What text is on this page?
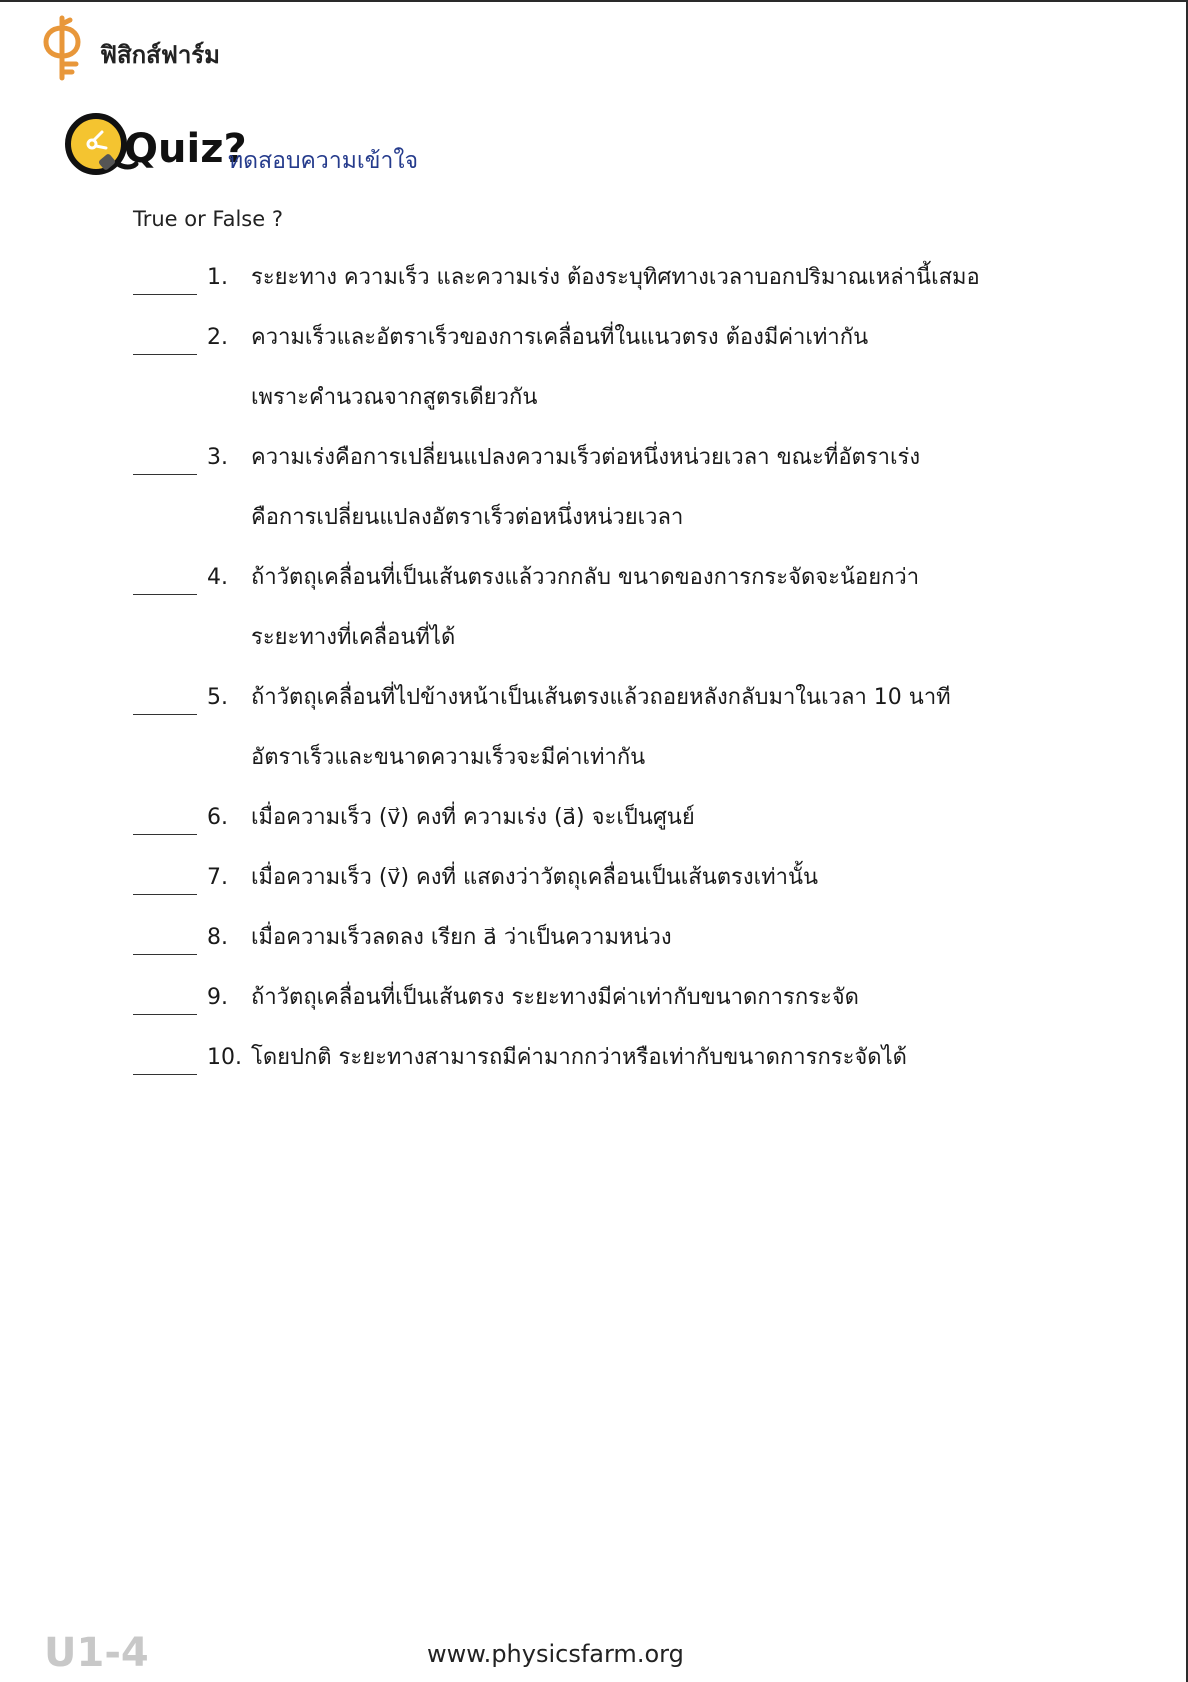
ฟิสิกส์ฟาร์ม
Quiz?
ทดสอบความเข้าใจ
True or False ?
1.	ระยะทาง ความเร็ว และความเร่ง ต้องระบุทิศทางเวลาบอกปริมาณเหล่านี้เสมอ
2.	ความเร็วและอัตราเร็วของการเคลื่อนที่ในแนวตรง ต้องมีค่าเท่ากัน
เพราะคำนวณจากสูตรเดียวกัน
3.	ความเร่งคือการเปลี่ยนแปลงความเร็วต่อหนึ่งหน่วยเวลา ขณะที่อัตราเร่ง
คือการเปลี่ยนแปลงอัตราเร็วต่อหนึ่งหน่วยเวลา
4.	ถ้าวัตถุเคลื่อนที่เป็นเส้นตรงแล้ววกกลับ ขนาดของการกระจัดจะน้อยกว่า
ระยะทางที่เคลื่อนที่ได้
5.	ถ้าวัตถุเคลื่อนที่ไปข้างหน้าเป็นเส้นตรงแล้วถอยหลังกลับมาในเวลา 10 นาที
อัตราเร็วและขนาดความเร็วจะมีค่าเท่ากัน
6.	เมื่อความเร็ว (v⃗) คงที่ ความเร่ง (a⃗) จะเป็นศูนย์
7.	เมื่อความเร็ว (v⃗) คงที่ แสดงว่าวัตถุเคลื่อนเป็นเส้นตรงเท่านั้น
8.	เมื่อความเร็วลดลง เรียก a⃗ ว่าเป็นความหน่วง
9.	ถ้าวัตถุเคลื่อนที่เป็นเส้นตรง ระยะทางมีค่าเท่ากับขนาดการกระจัด
10. โดยปกติ ระยะทางสามารถมีค่ามากกว่าหรือเท่ากับขนาดการกระจัดได้
U1-4	www.physicsfarm.org
